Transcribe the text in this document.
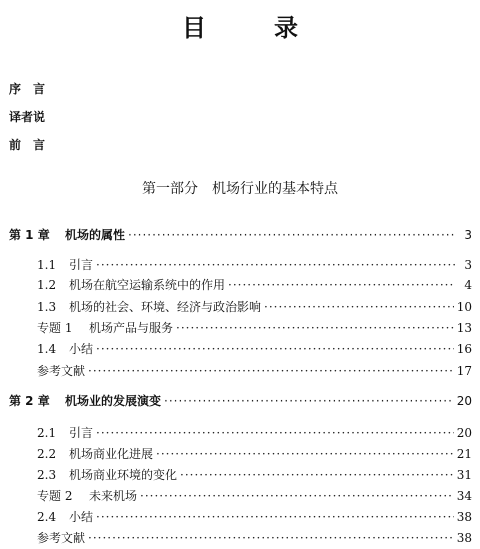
目　录
序　言
译者说
前　言
第一部分　机场行业的基本特点
第 1 章	机场的属性 ·····	3
1.1	引言 ·····	3
1.2	机场在航空运输系统中的作用 ·····	4
1.3	机场的社会、环境、经济与政治影响 ·····	10
专题 1	机场产品与服务 ·····	13
1.4	小结 ·····	16
参考文献 ·····	17
第 2 章	机场业的发展演变 ·····	20
2.1	引言 ·····	20
2.2	机场商业化进展 ·····	21
2.3	机场商业环境的变化 ·····	31
专题 2	未来机场 ·····	34
2.4	小结 ·····	38
参考文献 ·····	38
